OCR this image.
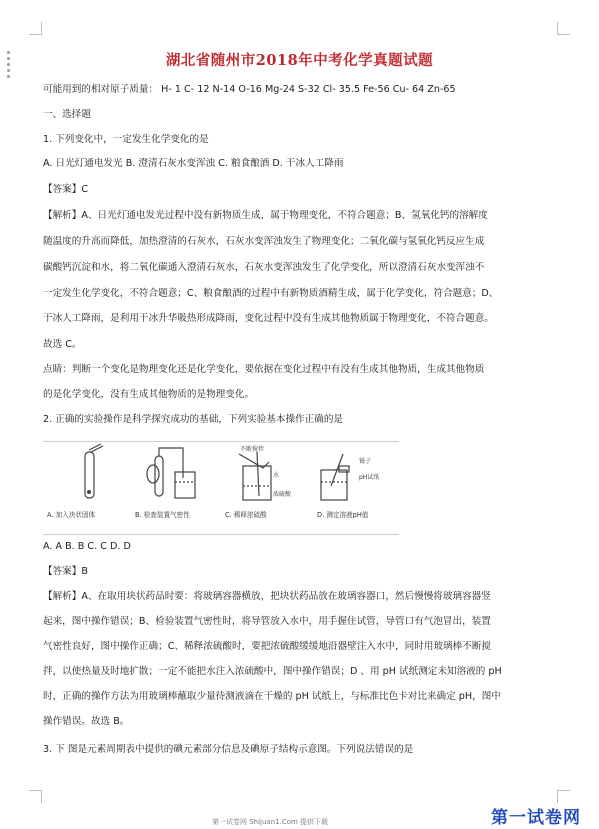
湖北省随州市2018年中考化学真题试题
可能用到的相对原子质量： H- 1 C- 12 N-14 O-16 Mg-24 S-32 Cl- 35.5 Fe-56 Cu- 64 Zn-65
一、选择题
1. 下列变化中，一定发生化学变化的是
A. 日光灯通电发光 B. 澄清石灰水变浑浊 C. 粮食酿酒 D. 干冰人工降雨
【答案】C
【解析】A、日光灯通电发光过程中没有新物质生成，属于物理变化，不符合题意；B、氢氧化钙的溶解度
随温度的升高而降低，加热澄清的石灰水，石灰水变浑浊发生了物理变化；二氧化碳与氢氧化钙反应生成
碳酸钙沉淀和水，将二氧化碳通入澄清石灰水，石灰水变浑浊发生了化学变化，所以澄清石灰水变浑浊不
一定发生化学变化，不符合题意；C、粮食酿酒的过程中有新物质酒精生成，属于化学变化，符合题意；D、
干冰人工降雨，是利用干冰升华吸热形成降雨，变化过程中没有生成其他物质属于物理变化，不符合题意。
故选 C。
点睛：判断一个变化是物理变化还是化学变化，要依据在变化过程中有没有生成其他物质，生成其他物质
的是化学变化，没有生成其他物质的是物理变化。
2. 正确的实验操作是科学探究成功的基础，下列实验基本操作正确的是
不断搅拌
水
浓硫酸
镊子
pH试纸
A. 加入块状固体	B. 检查装置气密性	C. 稀释浓硫酸	D. 测定溶液pH值
A. A B. B C. C D. D
【答案】B
【解析】A、在取用块状药品时要：将玻璃容器横放，把块状药品放在玻璃容器口，然后慢慢将玻璃容器竖
起来，图中操作错误；B、检验装置气密性时，将导管放入水中，用手握住试管，导管口有气泡冒出，装置
气密性良好，图中操作正确；C、稀释浓硫酸时，要把浓硫酸缓缓地沿器壁注入水中，同时用玻璃棒不断搅
拌，以使热量及时地扩散；一定不能把水注入浓硫酸中，图中操作错误；D 、用 pH 试纸测定未知溶液的 pH
时，正确的操作方法为用玻璃棒蘸取少量待测液滴在干燥的 pH 试纸上，与标准比色卡对比来确定 pH，图中
操作错误。故选 B。
3. 下 图是元素周期表中提供的碘元素部分信息及碘原子结构示意图。下列说法错误的是
第一试卷网 Shijuan1.Com 提供下载	第一试卷网
